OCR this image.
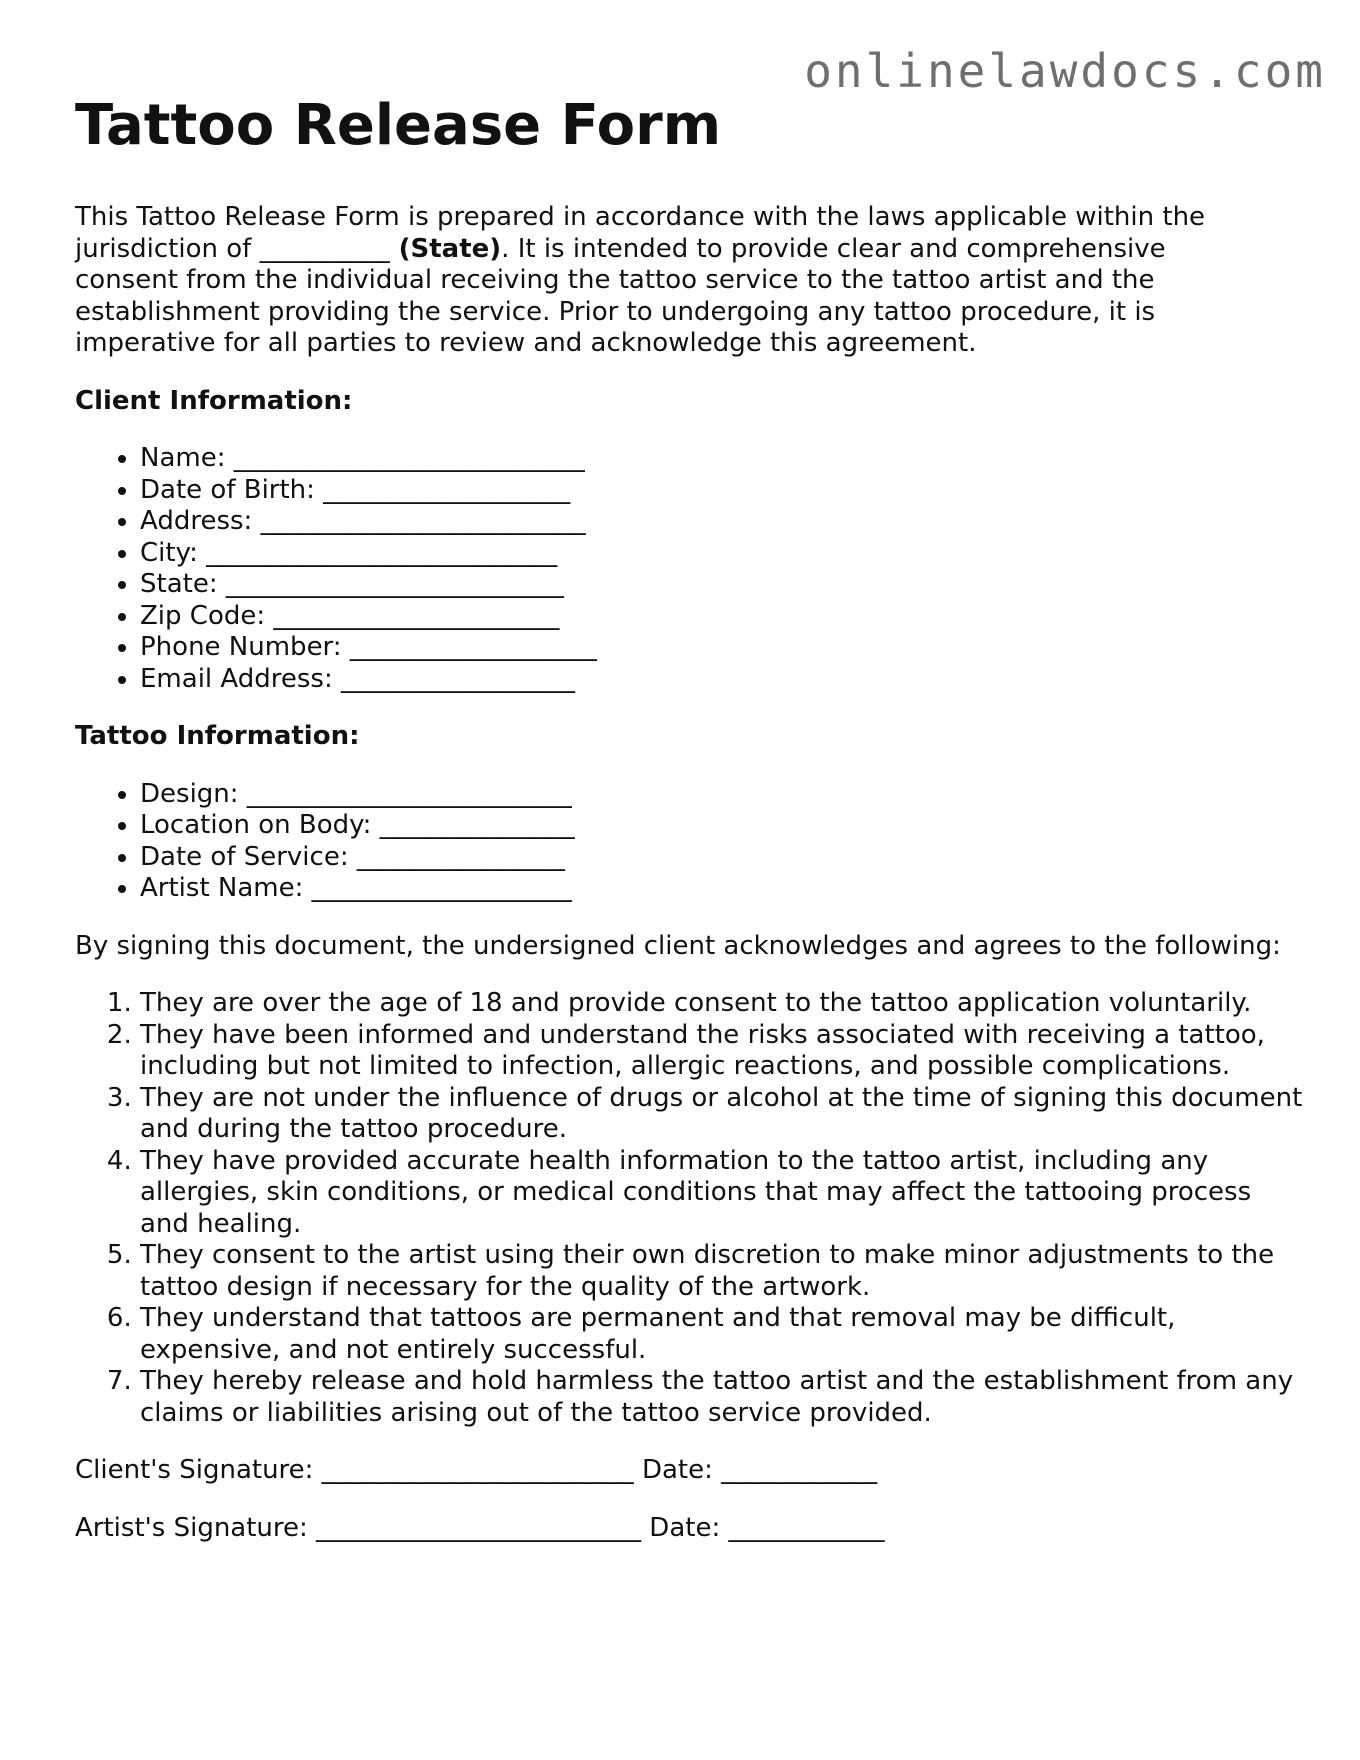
onlinelawdocs.com
Tattoo Release Form

This Tattoo Release Form is prepared in accordance with the laws applicable within the jurisdiction of __________ (State). It is intended to provide clear and comprehensive consent from the individual receiving the tattoo service to the tattoo artist and the establishment providing the service. Prior to undergoing any tattoo procedure, it is imperative for all parties to review and acknowledge this agreement.

Client Information:
• Name: ___________________________
• Date of Birth: ___________________
• Address: _________________________
• City: ___________________________
• State: __________________________
• Zip Code: ______________________
• Phone Number: ___________________
• Email Address: __________________
Tattoo Information:
• Design: _________________________
• Location on Body: _______________
• Date of Service: ________________
• Artist Name: ____________________

By signing this document, the undersigned client acknowledges and agrees to the following:

1. They are over the age of 18 and provide consent to the tattoo application voluntarily.
2. They have been informed and understand the risks associated with receiving a tattoo, including but not limited to infection, allergic reactions, and possible complications.
3. They are not under the influence of drugs or alcohol at the time of signing this document and during the tattoo procedure.
4. They have provided accurate health information to the tattoo artist, including any allergies, skin conditions, or medical conditions that may affect the tattooing process and healing.
5. They consent to the artist using their own discretion to make minor adjustments to the tattoo design if necessary for the quality of the artwork.
6. They understand that tattoos are permanent and that removal may be difficult, expensive, and not entirely successful.
7. They hereby release and hold harmless the tattoo artist and the establishment from any claims or liabilities arising out of the tattoo service provided.

Client's Signature: ________________________ Date: ____________

Artist's Signature: _________________________ Date: ____________
